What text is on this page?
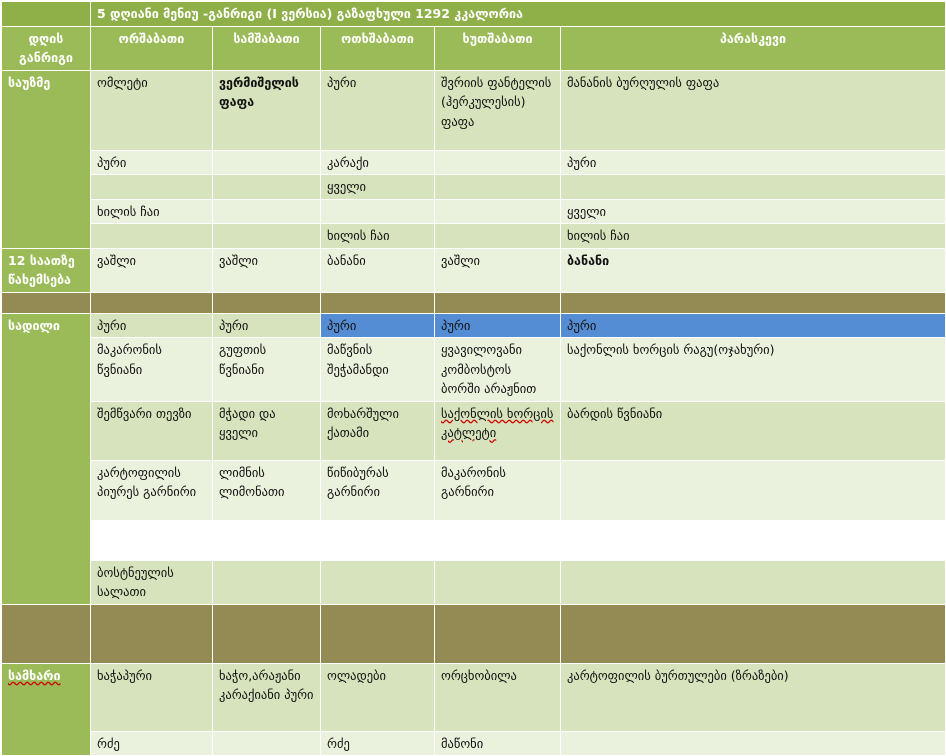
	5 დღიანი მენიუ -განრიგი (I ვერსია) გაზაფხული 1292 კკალორია				
დღის განრიგი	ორშაბათი	სამშაბათი	ოთხშაბათი	ხუთშაბათი	პარასკევი
საუზმე	ომლეტი	ვერმიშელის ფაფა	პური	შვრიის ფანტელის (ჰერკულესის) ფაფა	მანანის ბურღულის ფაფა
	პური		კარაქი		პური
			ყველი		
	ხილის ჩაი				ყველი
			ხილის ჩაი		ხილის ჩაი
12 საათზე წახემსება	ვაშლი	ვაშლი	ბანანი	ვაშლი	ბანანი

სადილი	პური	პური	პური	პური	პური
	მაკარონის წვნიანი	გუფთის წვნიანი	მაწვნის შეჭამანდი	ყვავილოვანი კომბოსტოს ბორში არაჟნით	საქონლის ხორცის რაგუ(ოჯახური)
	შემწვარი თევზი	მჭადი და ყველი	მოხარშული ქათამი	საქონლის ხორცის კატლეტი	ბარდის წვნიანი
	კარტოფილის პიურეს გარნირი	ლიმნის ლიმონათი	წიწიბურას გარნირი	მაკარონის გარნირი	

	ბოსტნეულის სალათი				

სამხარი	ხაჭაპური	ხაჭო,არაჟანი კარაქიანი პური	ოლადები	ორცხობილა	კარტოფილის ბურთულები (ზრაზები)
	რძე		რძე	მაწონი	
